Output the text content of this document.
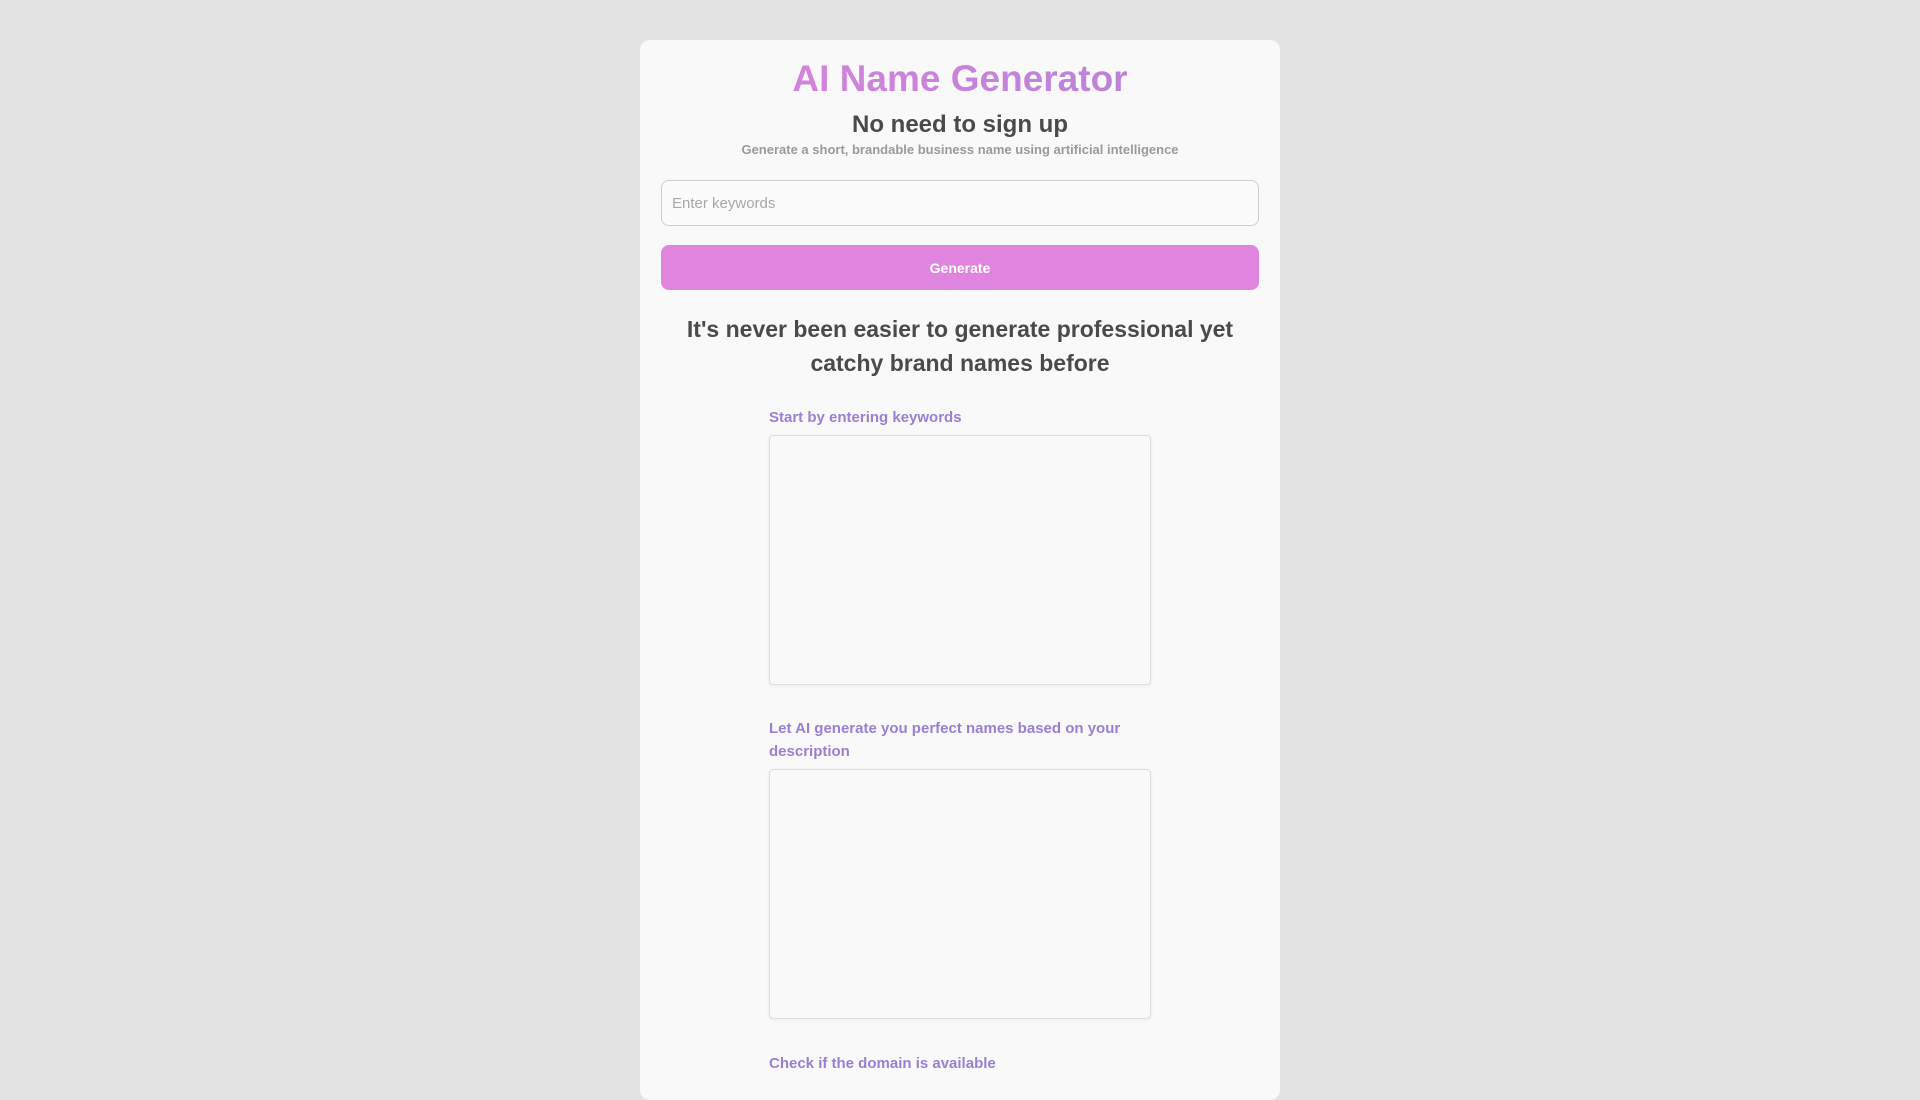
AI Name Generator
No need to sign up
Generate a short, brandable business name using artificial intelligence
Enter keywords
Generate
It's never been easier to generate professional yet catchy brand names before
Start by entering keywords
Let AI generate you perfect names based on your description
Check if the domain is available
